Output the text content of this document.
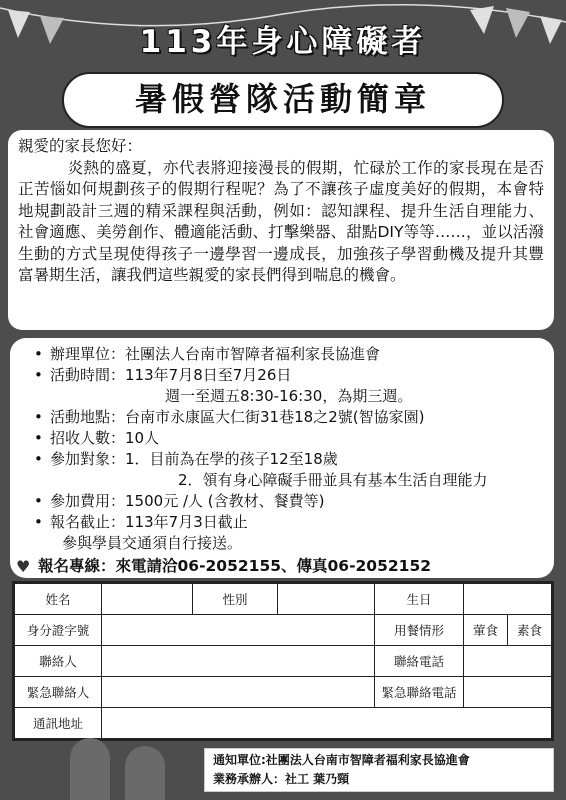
113年身心障礙者
暑假營隊活動簡章
親愛的家長您好：
炎熱的盛夏，亦代表將迎接漫長的假期，忙碌於工作的家長現在是否正苦惱如何規劃孩子的假期行程呢？為了不讓孩子虛度美好的假期，本會特地規劃設計三週的精采課程與活動，例如：認知課程、提升生活自理能力、社會適應、美勞創作、體適能活動、打擊樂器、甜點DIY等等……，並以活潑生動的方式呈現使得孩子一邊學習一邊成長，加強孩子學習動機及提升其豐富暑期生活，讓我們這些親愛的家長們得到喘息的機會。
• 辦理單位： 社團法人台南市智障者福利家長協進會
• 活動時間： 113年7月8日至7月26日
週一至週五8:30-16:30，為期三週。
• 活動地點： 台南市永康區大仁街31巷18之2號(智協家園)
• 招收人數： 10人
• 參加對象： 1．目前為在學的孩子12至18歲
2．領有身心障礙手冊並具有基本生活自理能力
• 參加費用： 1500元 /人 (含教材、餐費等)
• 報名截止： 113年7月3日截止
參與學員交通須自行接送。
♥ 報名專線： 來電請洽06-2052155、傳真06-2052152
姓名		性別		生日		
身分證字號				用餐情形	葷食	素食
聯絡人				聯絡電話		
緊急聯絡人				緊急聯絡電話		
通訊地址						
通知單位:社團法人台南市智障者福利家長協進會
業務承辦人：社工 葉乃頸
